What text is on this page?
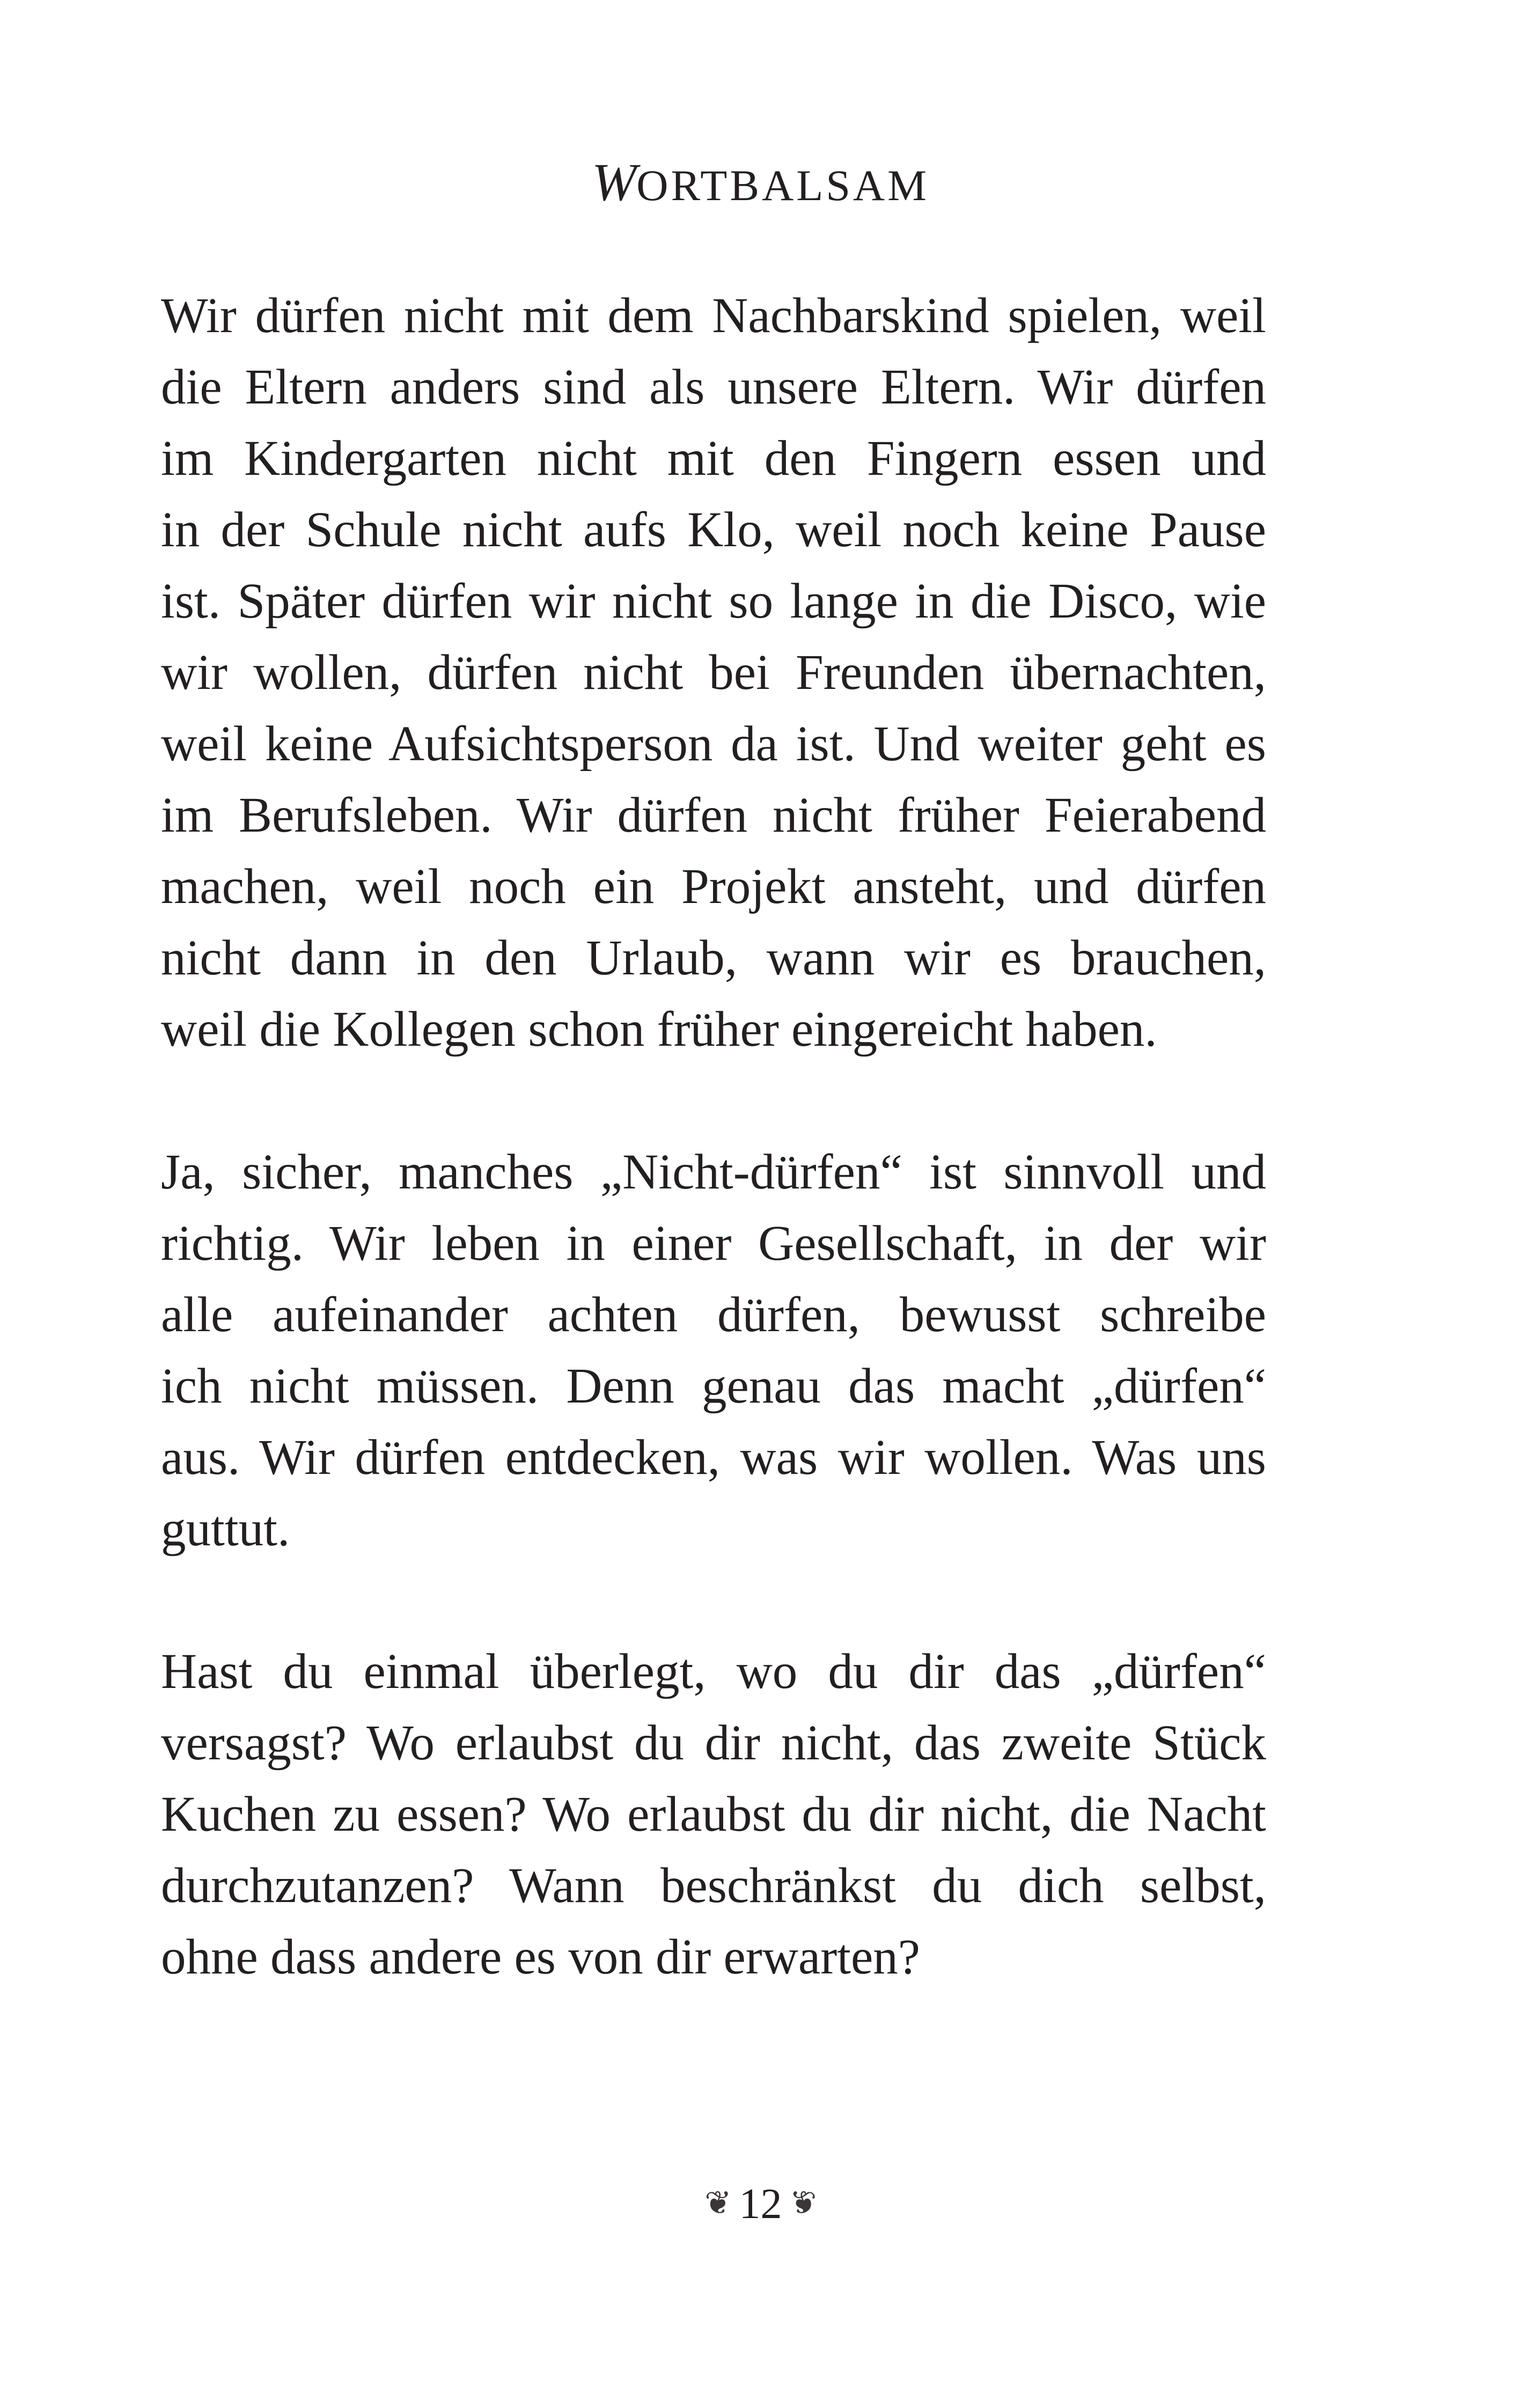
WORTBALSAM

Wir dürfen nicht mit dem Nachbarskind spielen, weil
die Eltern anders sind als unsere Eltern. Wir dürfen
im Kindergarten nicht mit den Fingern essen und
in der Schule nicht aufs Klo, weil noch keine Pause
ist. Später dürfen wir nicht so lange in die Disco, wie
wir wollen, dürfen nicht bei Freunden übernachten,
weil keine Aufsichtsperson da ist. Und weiter geht es
im Berufsleben. Wir dürfen nicht früher Feierabend
machen, weil noch ein Projekt ansteht, und dürfen
nicht dann in den Urlaub, wann wir es brauchen,
weil die Kollegen schon früher eingereicht haben.

Ja, sicher, manches „Nicht-dürfen“ ist sinnvoll und
richtig. Wir leben in einer Gesellschaft, in der wir
alle aufeinander achten dürfen, bewusst schreibe
ich nicht müssen. Denn genau das macht „dürfen“
aus. Wir dürfen entdecken, was wir wollen. Was uns
guttut.

Hast du einmal überlegt, wo du dir das „dürfen“
versagst? Wo erlaubst du dir nicht, das zweite Stück
Kuchen zu essen? Wo erlaubst du dir nicht, die Nacht
durchzutanzen? Wann beschränkst du dich selbst,
ohne dass andere es von dir erwarten?

❦ 12 ❦
